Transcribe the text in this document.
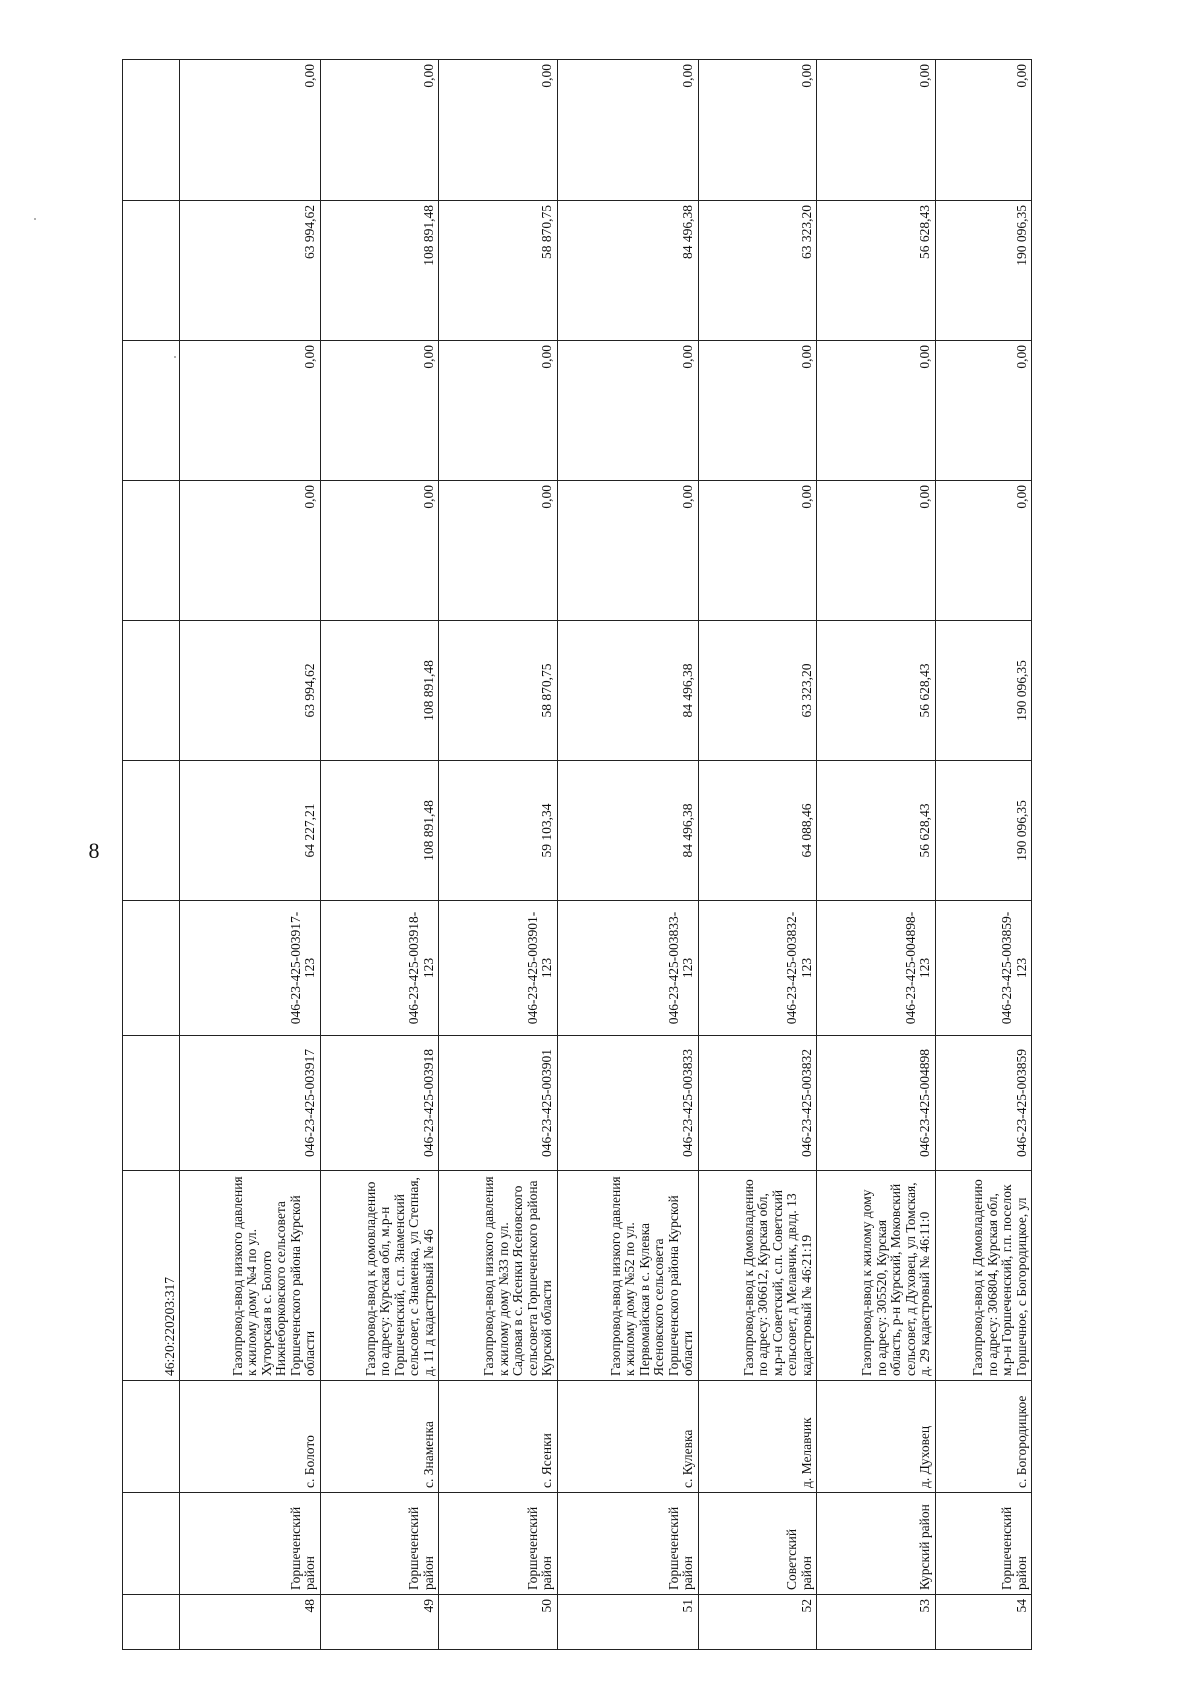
8
			46:20:220203:317								
48	Горшеченский район	с. Болото	Газопровод-ввод низкого давления к жилому дому №4 по ул. Хуторская в с. Болото Нижнеборковского сельсовета Горшеченского района Курской области	046-23-425-003917	046-23-425-003917-123	64 227,21	63 994,62	0,00	0,00	63 994,62	0,00
49	Горшеченский район	с. Знаменка	Газопровод-ввод к домовладению по адресу: Курская обл, м.р-н Горшеченский, с.п. Знаменский сельсовет, с Знаменка, ул Степная, д. 11 д кадастровый № 46	046-23-425-003918	046-23-425-003918-123	108 891,48	108 891,48	0,00	0,00	108 891,48	0,00
50	Горшеченский район	с. Ясенки	Газопровод-ввод низкого давления к жилому дому №33 по ул. Садовая в с. Ясенки Ясеновского сельсовета Горшеченского района Курской области	046-23-425-003901	046-23-425-003901-123	59 103,34	58 870,75	0,00	0,00	58 870,75	0,00
51	Горшеченский район	с. Кулевка	Газопровод-ввод низкого давления к жилому дому №52 по ул. Первомайская в с. Кулевка Ясеновского сельсовета Горшеченского района Курской области	046-23-425-003833	046-23-425-003833-123	84 496,38	84 496,38	0,00	0,00	84 496,38	0,00
52	Советский район	д. Мелавчик	Газопровод-ввод к Домовладению по адресу: 306612, Курская обл, м.р-н Советский, с.п. Советский сельсовет, д Мелавчик, двлд. 13 кадастровый № 46:21:19	046-23-425-003832	046-23-425-003832-123	64 088,46	63 323,20	0,00	0,00	63 323,20	0,00
53	Курский район	д. Духовец	Газопровод-ввод к жилому дому по адресу: 305520, Курская область, р-н Курский, Моковский сельсовет, д Духовец, ул Томская, д. 29 кадастровый № 46:11:0	046-23-425-004898	046-23-425-004898-123	56 628,43	56 628,43	0,00	0,00	56 628,43	0,00
54	Горшеченский район	с. Богородицкое	Газопровод-ввод к Домовладению по адресу: 306804, Курская обл, м.р-н Горшеченский, г.п. поселок Горшечное, с Богородицкое, ул	046-23-425-003859	046-23-425-003859-123	190 096,35	190 096,35	0,00	0,00	190 096,35	0,00
